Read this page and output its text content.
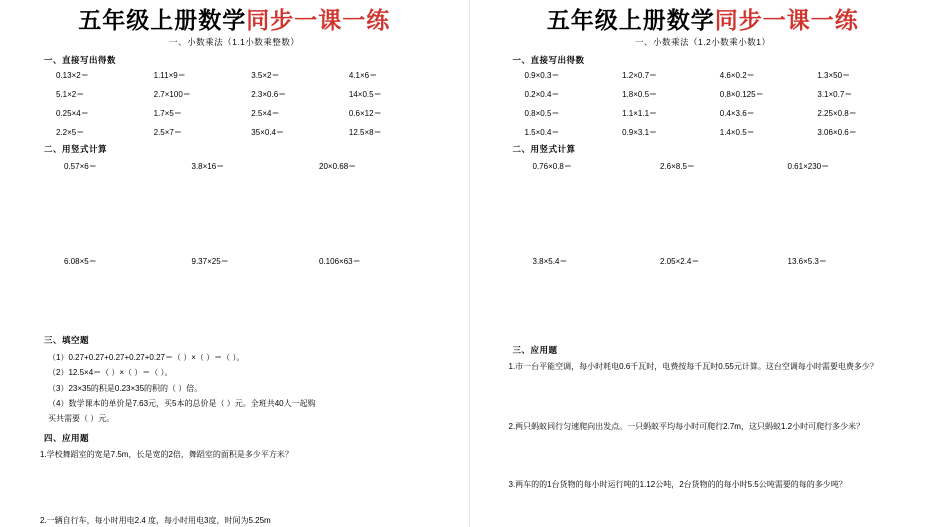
五年级上册数学同步一课一练
一、小数乘法（1.1小数乘整数）
一、直接写出得数
0.13×2＝	1.11×9＝	3.5×2＝	4.1×6＝
5.1×2＝	2.7×100＝	2.3×0.6＝	14×0.5＝
0.25×4＝	1.7×5＝	2.5×4＝	0.6×12＝
2.2×5＝	2.5×7＝	35×0.4＝	12.5×8＝
二、用竖式计算
0.57×6＝	3.8×16＝	20×0.68＝
6.08×5＝	9.37×25＝	0.106×63＝
三、填空题
（1）0.27+0.27+0.27+0.27+0.27＝（ ）×（ ）＝（ ）。
（2）12.5×4＝（ ）×（ ）＝（ ）。
（3）23×35的积是0.23×35的积的（ ）倍。
（4）数学课本的单价是7.63元，买5本的总价是（ ）元。全班共40人一起购
买共需要（ ）元。
四、应用题
1.学校舞蹈室的宽是7.5m，长是宽的2倍，舞蹈室的面积是多少平方米？
2.一辆自行车，每小时用电2.4 度，每小时用电3度，时间为5.25m
五年级上册数学同步一课一练
一、小数乘法（1.2小数乘小数1）
一、直接写出得数
0.9×0.3＝	1.2×0.7＝	4.6×0.2＝	1.3×50＝
0.2×0.4＝	1.8×0.5＝	0.8×0.125＝	3.1×0.7＝
0.8×0.5＝	1.1×1.1＝	0.4×3.6＝	2.25×0.8＝
1.5×0.4＝	0.9×3.1＝	1.4×0.5＝	3.06×0.6＝
二、用竖式计算
0.76×0.8＝	2.6×8.5＝	0.61×230＝
3.8×5.4＝	2.05×2.4＝	13.6×5.3＝
三、应用题
1.市一台平能空调，每小时耗电0.6千瓦时，电费按每千瓦时0.55元计算。这台空调每小时需要电费多少？
2.两只蚂蚁同行匀速爬向出发点。一只蚂蚁平均每小时可爬行2.7m，这只蚂蚁1.2小时可爬行多少米？
3.两车的的1台货物的每小时运行吨的1.12公吨，2台货物的的每小时5.5公吨需要的每的多少吨？
